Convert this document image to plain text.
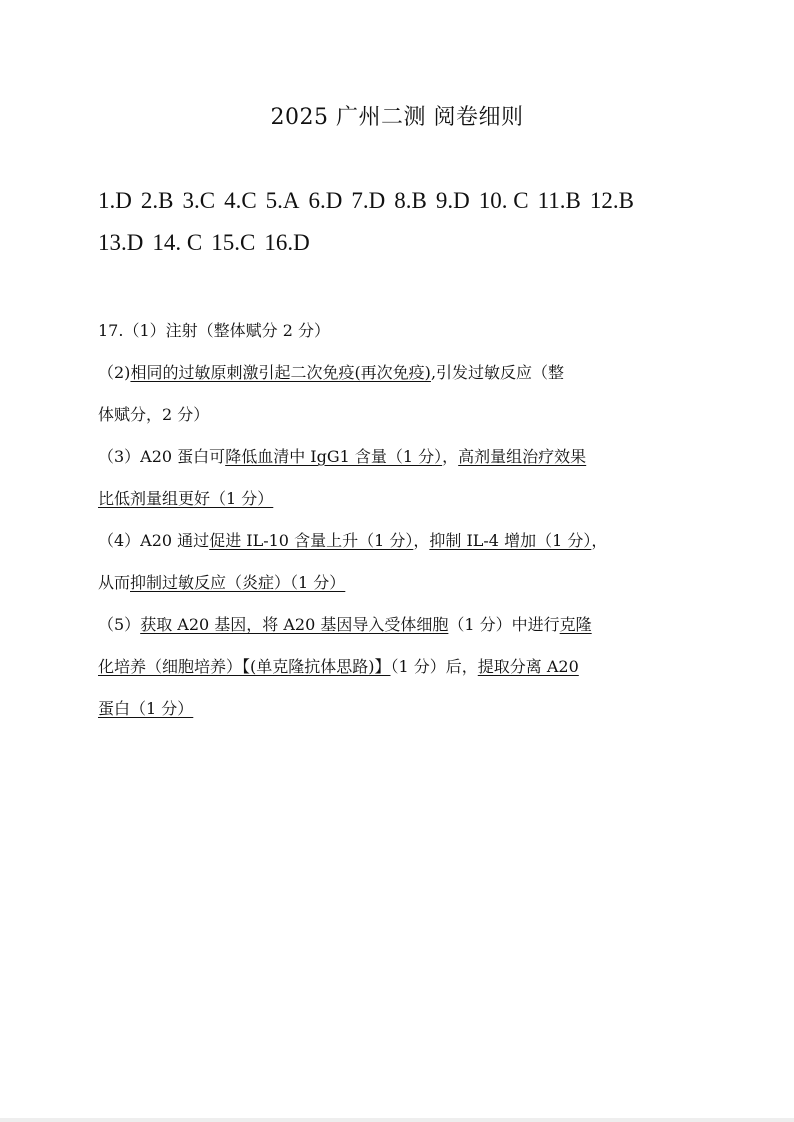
2025 广州二测 阅卷细则
1.D 2.B 3.C 4.C 5.A 6.D 7.D 8.B 9.D 10. C 11.B 12.B
13.D 14. C 15.C 16.D
17.（1）注射（整体赋分 2 分）
（2)相同的过敏原刺激引起二次免疫(再次免疫),引发过敏反应（整
体赋分，2 分）
（3）A20 蛋白可降低血清中 IgG1 含量（1 分），高剂量组治疗效果
比低剂量组更好（1 分）
（4）A20 通过促进 IL-10 含量上升（1 分），抑制 IL-4 增加（1 分），
从而抑制过敏反应（炎症）（1 分）
（5）获取 A20 基因，将 A20 基因导入受体细胞（1 分）中进行克隆
化培养（细胞培养）【(单克隆抗体思路)】（1 分）后，提取分离 A20
蛋白（1 分）
